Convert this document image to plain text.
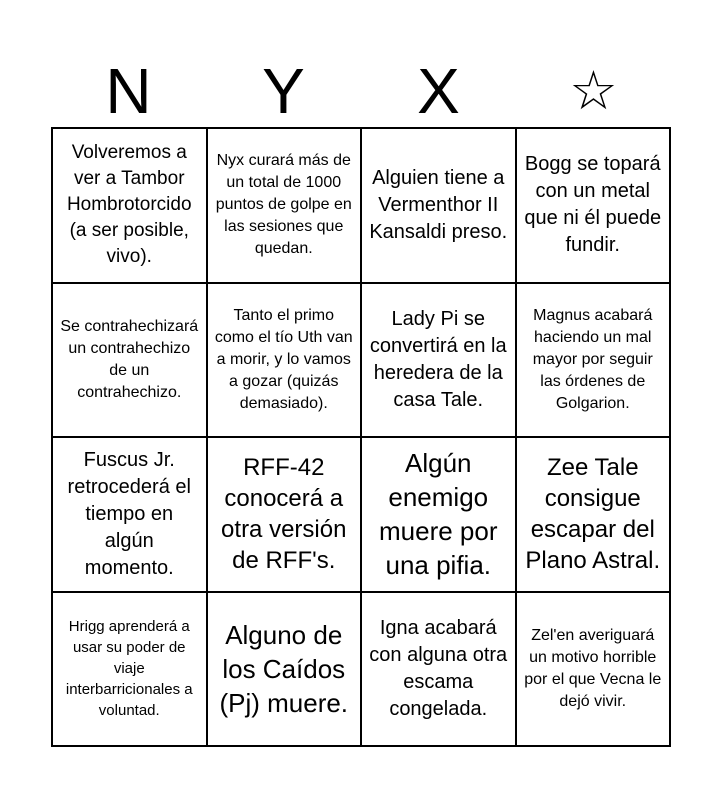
N	Y	X	☆
Volveremos a ver a Tambor Hombrotorcido (a ser posible, vivo).
Nyx curará más de un total de 1000 puntos de golpe en las sesiones que quedan.
Alguien tiene a Vermenthor II Kansaldi preso.
Bogg se topará con un metal que ni él puede fundir.
Se contrahechizará un contrahechizo de un contrahechizo.
Tanto el primo como el tío Uth van a morir, y lo vamos a gozar (quizás demasiado).
Lady Pi se convertirá en la heredera de la casa Tale.
Magnus acabará haciendo un mal mayor por seguir las órdenes de Golgarion.
Fuscus Jr. retrocederá el tiempo en algún momento.
RFF-42 conocerá a otra versión de RFF's.
Algún enemigo muere por una pifia.
Zee Tale consigue escapar del Plano Astral.
Hrigg aprenderá a usar su poder de viaje interbarricionales a voluntad.
Alguno de los Caídos (Pj) muere.
Igna acabará con alguna otra escama congelada.
Zel'en averiguará un motivo horrible por el que Vecna le dejó vivir.
